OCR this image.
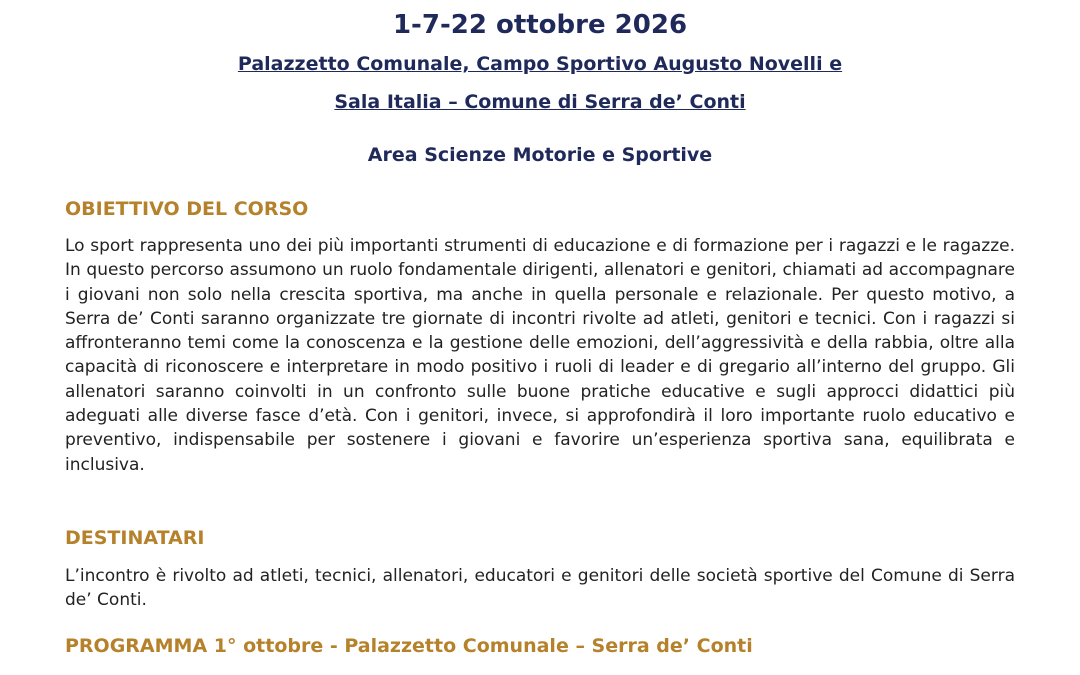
1-7-22 ottobre 2026
Palazzetto Comunale, Campo Sportivo Augusto Novelli e
Sala Italia – Comune di Serra de’ Conti
Area Scienze Motorie e Sportive
OBIETTIVO DEL CORSO

Lo sport rappresenta uno dei più importanti strumenti di educazione e di formazione per i ragazzi e le ragazze. In questo percorso assumono un ruolo fondamentale dirigenti, allenatori e genitori, chiamati ad accompagnare i giovani non solo nella crescita sportiva, ma anche in quella personale e relazionale. Per questo motivo, a Serra de’ Conti saranno organizzate tre giornate di incontri rivolte ad atleti, genitori e tecnici. Con i ragazzi si affronteranno temi come la conoscenza e la gestione delle emozioni, dell’aggressività e della rabbia, oltre alla capacità di riconoscere e interpretare in modo positivo i ruoli di leader e di gregario all’interno del gruppo. Gli allenatori saranno coinvolti in un confronto sulle buone pratiche educative e sugli approcci didattici più adeguati alle diverse fasce d’età. Con i genitori, invece, si approfondirà il loro importante ruolo educativo e preventivo, indispensabile per sostenere i giovani e favorire un’esperienza sportiva sana, equilibrata e inclusiva.

DESTINATARI

L’incontro è rivolto ad atleti, tecnici, allenatori, educatori e genitori delle società sportive del Comune di Serra de’ Conti.

PROGRAMMA 1° ottobre - Palazzetto Comunale – Serra de’ Conti
